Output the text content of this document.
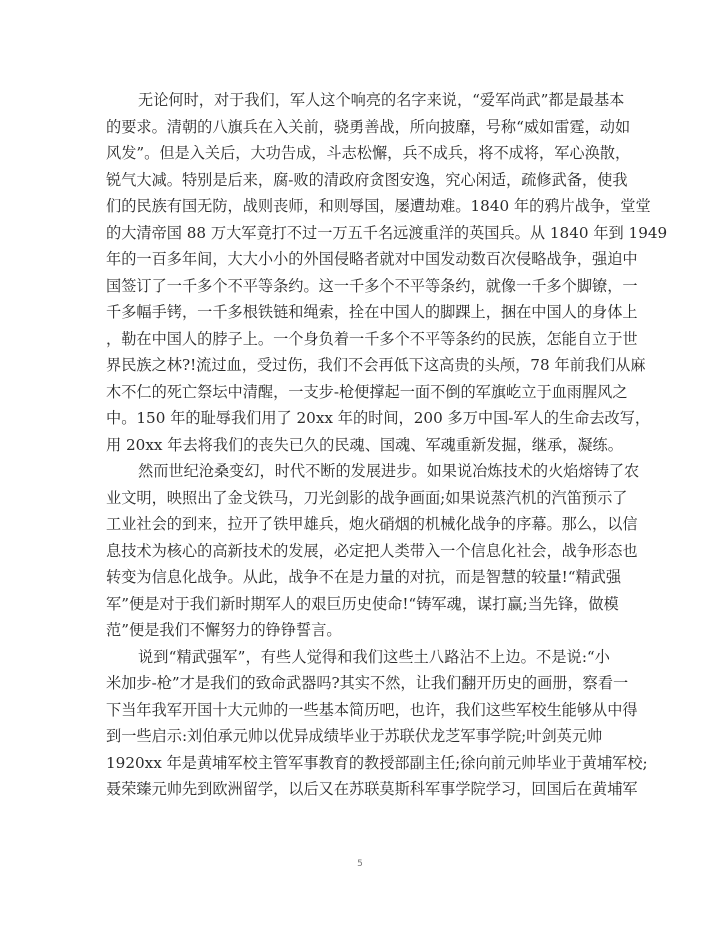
无论何时，对于我们，军人这个响亮的名字来说，“爱军尚武”都是最基本
的要求。清朝的八旗兵在入关前，骁勇善战，所向披靡，号称“威如雷霆，动如
风发”。但是入关后，大功告成，斗志松懈，兵不成兵，将不成将，军心涣散，
锐气大减。特别是后来，腐-败的清政府贪图安逸，究心闲适，疏修武备，使我
们的民族有国无防，战则丧师，和则辱国，屡遭劫难。1840 年的鸦片战争，堂堂
的大清帝国 88 万大军竟打不过一万五千名远渡重洋的英国兵。从 1840 年到 1949
年的一百多年间，大大小小的外国侵略者就对中国发动数百次侵略战争，强迫中
国签订了一千多个不平等条约。这一千多个不平等条约，就像一千多个脚镣，一
千多幅手铐，一千多根铁链和绳索，拴在中国人的脚踝上，捆在中国人的身体上
，勒在中国人的脖子上。一个身负着一千多个不平等条约的民族，怎能自立于世
界民族之林?!流过血，受过伤，我们不会再低下这高贵的头颅，78 年前我们从麻
木不仁的死亡祭坛中清醒，一支步-枪便撑起一面不倒的军旗屹立于血雨腥风之
中。150 年的耻辱我们用了 20xx 年的时间，200 多万中国-军人的生命去改写，
用 20xx 年去将我们的丧失已久的民魂、国魂、军魂重新发掘，继承，凝练。
然而世纪沧桑变幻，时代不断的发展进步。如果说冶炼技术的火焰熔铸了农
业文明，映照出了金戈铁马，刀光剑影的战争画面;如果说蒸汽机的汽笛预示了
工业社会的到来，拉开了铁甲雄兵，炮火硝烟的机械化战争的序幕。那么，以信
息技术为核心的高新技术的发展，必定把人类带入一个信息化社会，战争形态也
转变为信息化战争。从此，战争不在是力量的对抗，而是智慧的较量!“精武强
军”便是对于我们新时期军人的艰巨历史使命!“铸军魂，谋打赢;当先锋，做模
范”便是我们不懈努力的铮铮誓言。
说到“精武强军”，有些人觉得和我们这些土八路沾不上边。不是说:“小
米加步-枪”才是我们的致命武器吗?其实不然，让我们翻开历史的画册，察看一
下当年我军开国十大元帅的一些基本简历吧，也许，我们这些军校生能够从中得
到一些启示:刘伯承元帅以优异成绩毕业于苏联伏龙芝军事学院;叶剑英元帅
1920xx 年是黄埔军校主管军事教育的教授部副主任;徐向前元帅毕业于黄埔军校;
聂荣臻元帅先到欧洲留学，以后又在苏联莫斯科军事学院学习，回国后在黄埔军
5
